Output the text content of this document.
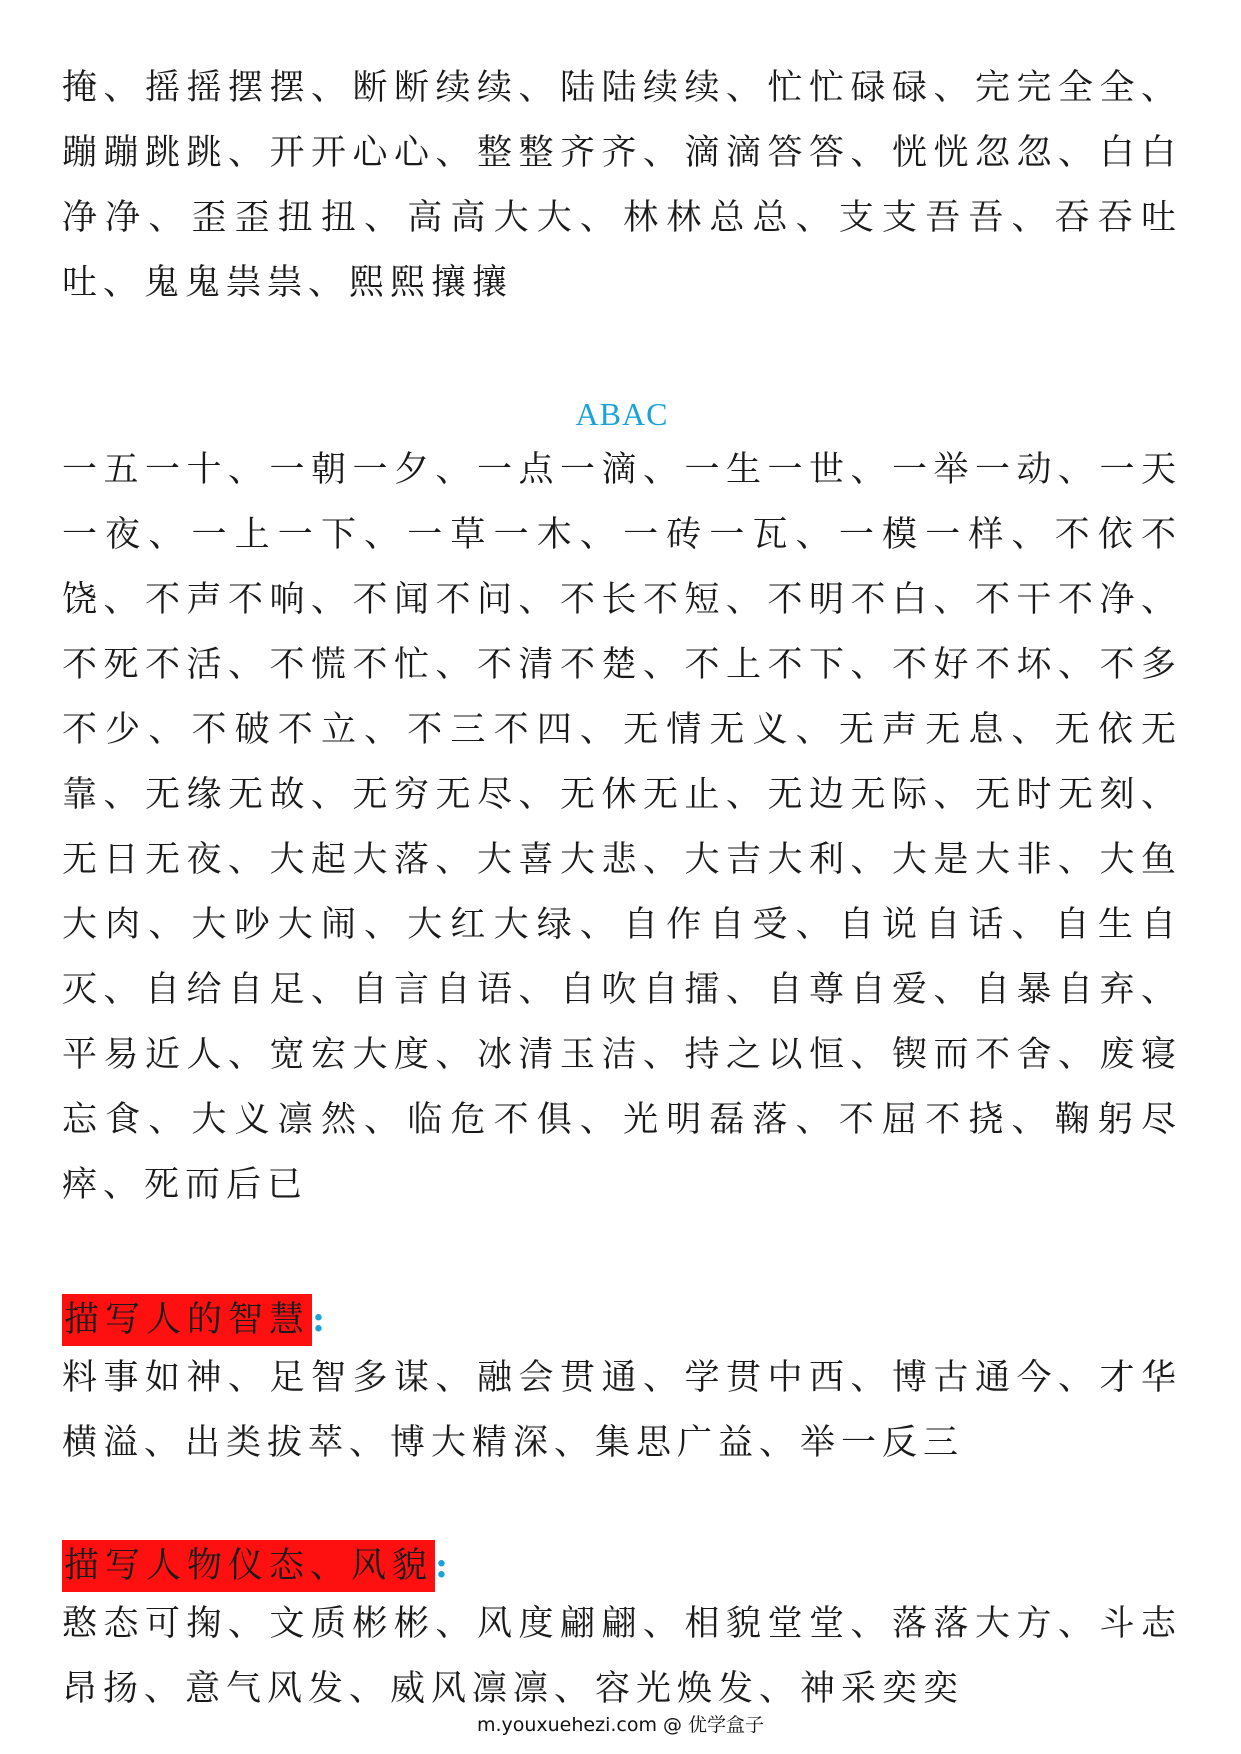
掩、摇摇摆摆、断断续续、陆陆续续、忙忙碌碌、完完全全、蹦蹦跳跳、开开心心、整整齐齐、滴滴答答、恍恍忽忽、白白净净、歪歪扭扭、高高大大、林林总总、支支吾吾、吞吞吐吐、鬼鬼祟祟、熙熙攘攘

ABAC

一五一十、一朝一夕、一点一滴、一生一世、一举一动、一天一夜、一上一下、一草一木、一砖一瓦、一模一样、不依不饶、不声不响、不闻不问、不长不短、不明不白、不干不净、不死不活、不慌不忙、不清不楚、不上不下、不好不坏、不多不少、不破不立、不三不四、无情无义、无声无息、无依无靠、无缘无故、无穷无尽、无休无止、无边无际、无时无刻、无日无夜、大起大落、大喜大悲、大吉大利、大是大非、大鱼大肉、大吵大闹、大红大绿、自作自受、自说自话、自生自灭、自给自足、自言自语、自吹自擂、自尊自爱、自暴自弃、平易近人、宽宏大度、冰清玉洁、持之以恒、锲而不舍、废寝忘食、大义凛然、临危不俱、光明磊落、不屈不挠、鞠躬尽瘁、死而后已

描写人的智慧:

料事如神、足智多谋、融会贯通、学贯中西、博古通今、才华横溢、出类拔萃、博大精深、集思广益、举一反三

描写人物仪态、风貌:

憨态可掬、文质彬彬、风度翩翩、相貌堂堂、落落大方、斗志昂扬、意气风发、威风凛凛、容光焕发、神采奕奕

m.youxuehezi.com @ 优学盒子
